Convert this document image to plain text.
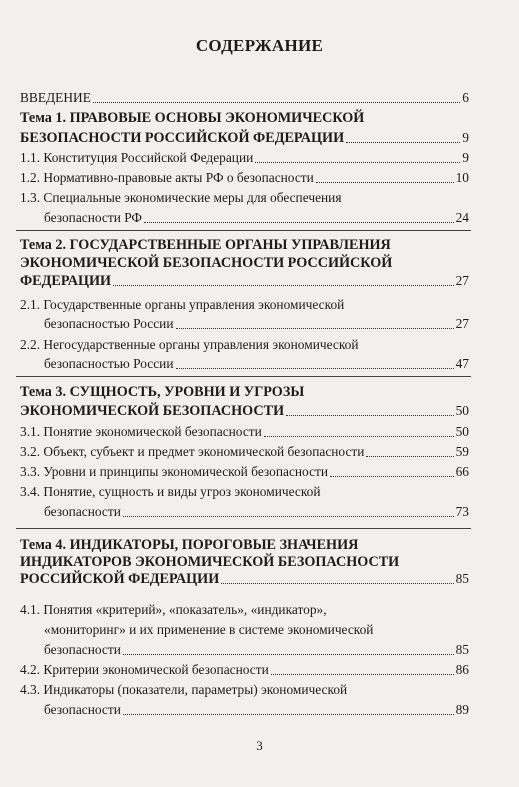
СОДЕРЖАНИЕ
ВВЕДЕНИЕ	6
Тема 1. ПРАВОВЫЕ ОСНОВЫ ЭКОНОМИЧЕСКОЙ
БЕЗОПАСНОСТИ РОССИЙСКОЙ ФЕДЕРАЦИИ	9
1.1. Конституция Российской Федерации	9
1.2. Нормативно-правовые акты РФ о безопасности	10
1.3. Специальные экономические меры для обеспечения
безопасности РФ	24
Тема 2. ГОСУДАРСТВЕННЫЕ ОРГАНЫ УПРАВЛЕНИЯ
ЭКОНОМИЧЕСКОЙ БЕЗОПАСНОСТИ РОССИЙСКОЙ
ФЕДЕРАЦИИ	27
2.1. Государственные органы управления экономической
безопасностью России	27
2.2. Негосударственные органы управления экономической
безопасностью России	47
Тема 3. СУЩНОСТЬ, УРОВНИ И УГРОЗЫ
ЭКОНОМИЧЕСКОЙ БЕЗОПАСНОСТИ	50
3.1. Понятие экономической безопасности	50
3.2. Объект, субъект и предмет экономической безопасности	59
3.3. Уровни и принципы экономической безопасности	66
3.4. Понятие, сущность и виды угроз экономической
безопасности	73
Тема 4. ИНДИКАТОРЫ, ПОРОГОВЫЕ ЗНАЧЕНИЯ
ИНДИКАТОРОВ ЭКОНОМИЧЕСКОЙ БЕЗОПАСНОСТИ
РОССИЙСКОЙ ФЕДЕРАЦИИ	85
4.1. Понятия «критерий», «показатель», «индикатор»,
«мониторинг» и их применение в системе экономической
безопасности	85
4.2. Критерии экономической безопасности	86
4.3. Индикаторы (показатели, параметры) экономической
безопасности	89
3
